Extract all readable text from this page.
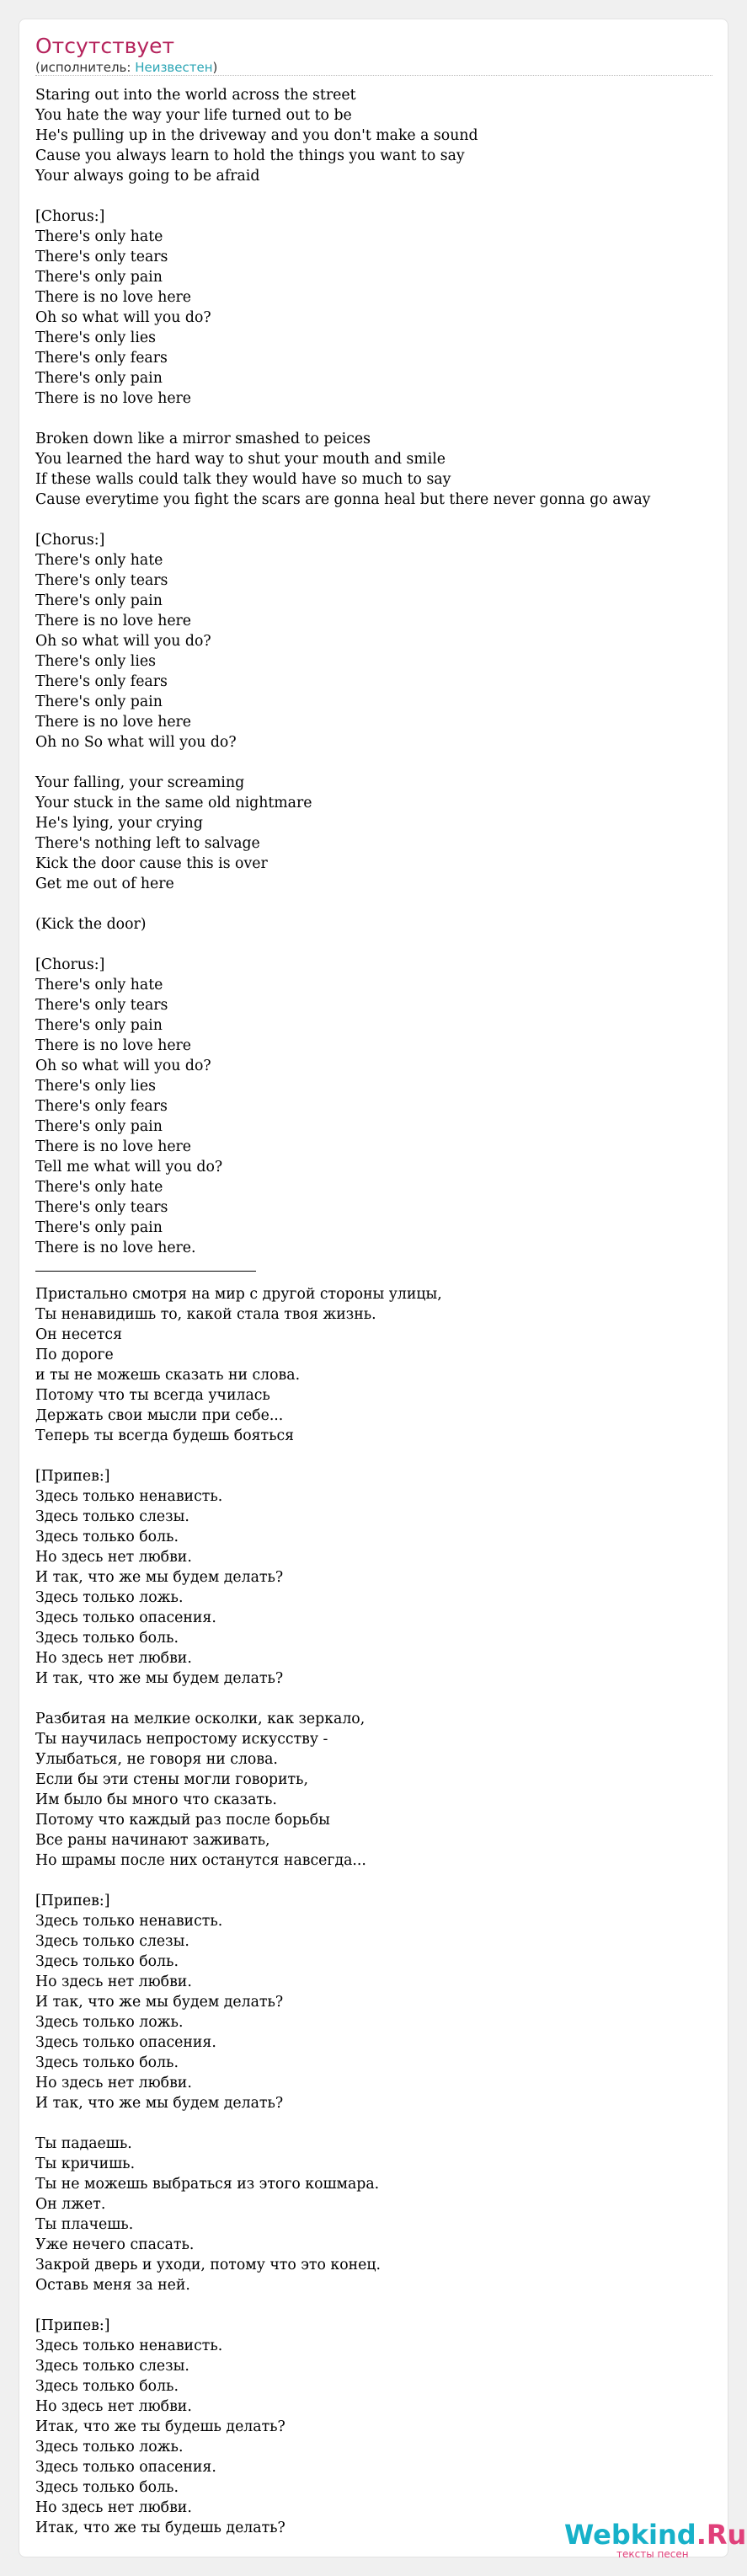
Отсутствует
(исполнитель: Неизвестен)
Staring out into the world across the street
You hate the way your life turned out to be
He's pulling up in the driveway and you don't make a sound
Cause you always learn to hold the things you want to say
Your always going to be afraid

[Chorus:]
There's only hate
There's only tears
There's only pain
There is no love here
Oh so what will you do?
There's only lies
There's only fears
There's only pain
There is no love here

Broken down like a mirror smashed to peices
You learned the hard way to shut your mouth and smile
If these walls could talk they would have so much to say
Cause everytime you fight the scars are gonna heal but there never gonna go away

[Chorus:]
There's only hate
There's only tears
There's only pain
There is no love here
Oh so what will you do?
There's only lies
There's only fears
There's only pain
There is no love here
Oh no So what will you do?

Your falling, your screaming
Your stuck in the same old nightmare
He's lying, your crying
There's nothing left to salvage
Kick the door cause this is over
Get me out of here

(Kick the door)

[Chorus:]
There's only hate
There's only tears
There's only pain
There is no love here
Oh so what will you do?
There's only lies
There's only fears
There's only pain
There is no love here
Tell me what will you do?
There's only hate
There's only tears
There's only pain
There is no love here.

Пристально смотря на мир с другой стороны улицы,
Ты ненавидишь то, какой стала твоя жизнь.
Он несется
По дороге
и ты не можешь сказать ни слова.
Потому что ты всегда училась
Держать свои мысли при себе...
Теперь ты всегда будешь бояться

[Припев:]
Здесь только ненависть.
Здесь только слезы.
Здесь только боль.
Но здесь нет любви.
И так, что же мы будем делать?
Здесь только ложь.
Здесь только опасения.
Здесь только боль.
Но здесь нет любви.
И так, что же мы будем делать?

Разбитая на мелкие осколки, как зеркало,
Ты научилась непростому искусству -
Улыбаться, не говоря ни слова.
Если бы эти стены могли говорить,
Им было бы много что сказать.
Потому что каждый раз после борьбы
Все раны начинают заживать,
Но шрамы после них останутся навсегда...

[Припев:]
Здесь только ненависть.
Здесь только слезы.
Здесь только боль.
Но здесь нет любви.
И так, что же мы будем делать?
Здесь только ложь.
Здесь только опасения.
Здесь только боль.
Но здесь нет любви.
И так, что же мы будем делать?

Ты падаешь.
Ты кричишь.
Ты не можешь выбраться из этого кошмара.
Он лжет.
Ты плачешь.
Уже нечего спасать.
Закрой дверь и уходи, потому что это конец.
Оставь меня за ней.

[Припев:]
Здесь только ненависть.
Здесь только слезы.
Здесь только боль.
Но здесь нет любви.
Итак, что же ты будешь делать?
Здесь только ложь.
Здесь только опасения.
Здесь только боль.
Но здесь нет любви.
Итак, что же ты будешь делать?	Webkind.Ru
тексты песен
